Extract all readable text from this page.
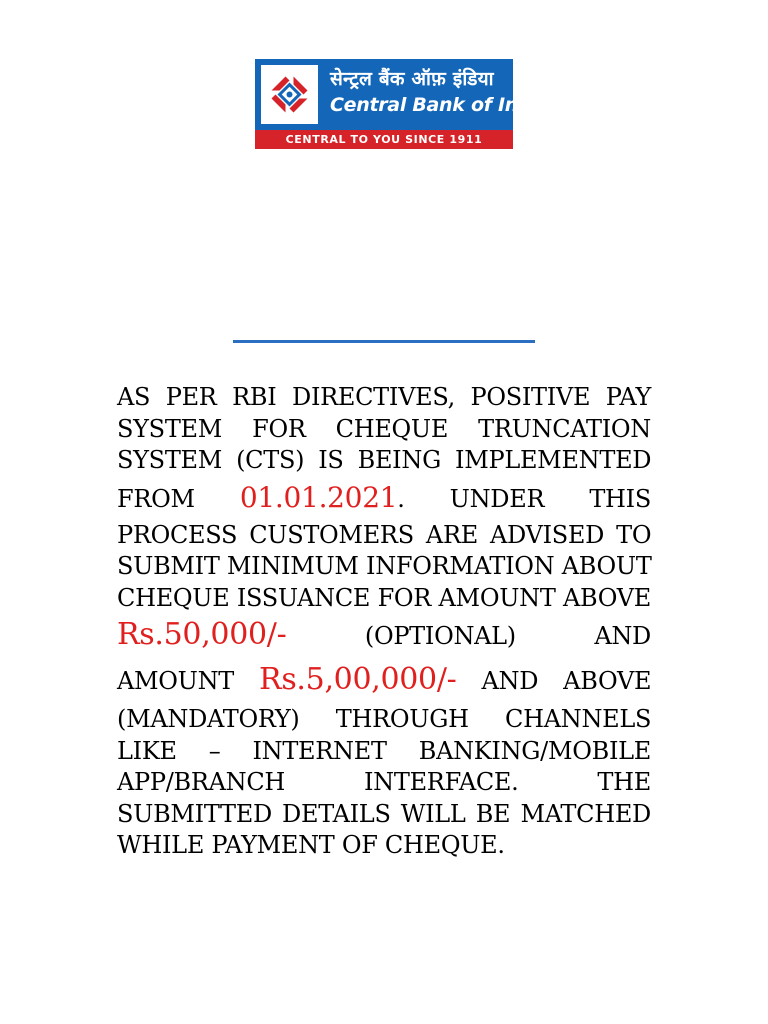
सेन्ट्रल बैंक ऑफ़ इंडिया
Central Bank of India
CENTRAL TO YOU SINCE 1911
AS PER RBI DIRECTIVES, POSITIVE PAY
SYSTEM FOR CHEQUE TRUNCATION
SYSTEM (CTS) IS BEING IMPLEMENTED
FROM 01.01.2021. UNDER THIS
PROCESS CUSTOMERS ARE ADVISED TO
SUBMIT MINIMUM INFORMATION ABOUT
CHEQUE ISSUANCE FOR AMOUNT ABOVE
Rs.50,000/-	(OPTIONAL) AND
AMOUNT Rs.5,00,000/- AND ABOVE
(MANDATORY) THROUGH CHANNELS
LIKE – INTERNET BANKING/MOBILE
APP/BRANCH INTERFACE. THE
SUBMITTED DETAILS WILL BE MATCHED
WHILE PAYMENT OF CHEQUE.
